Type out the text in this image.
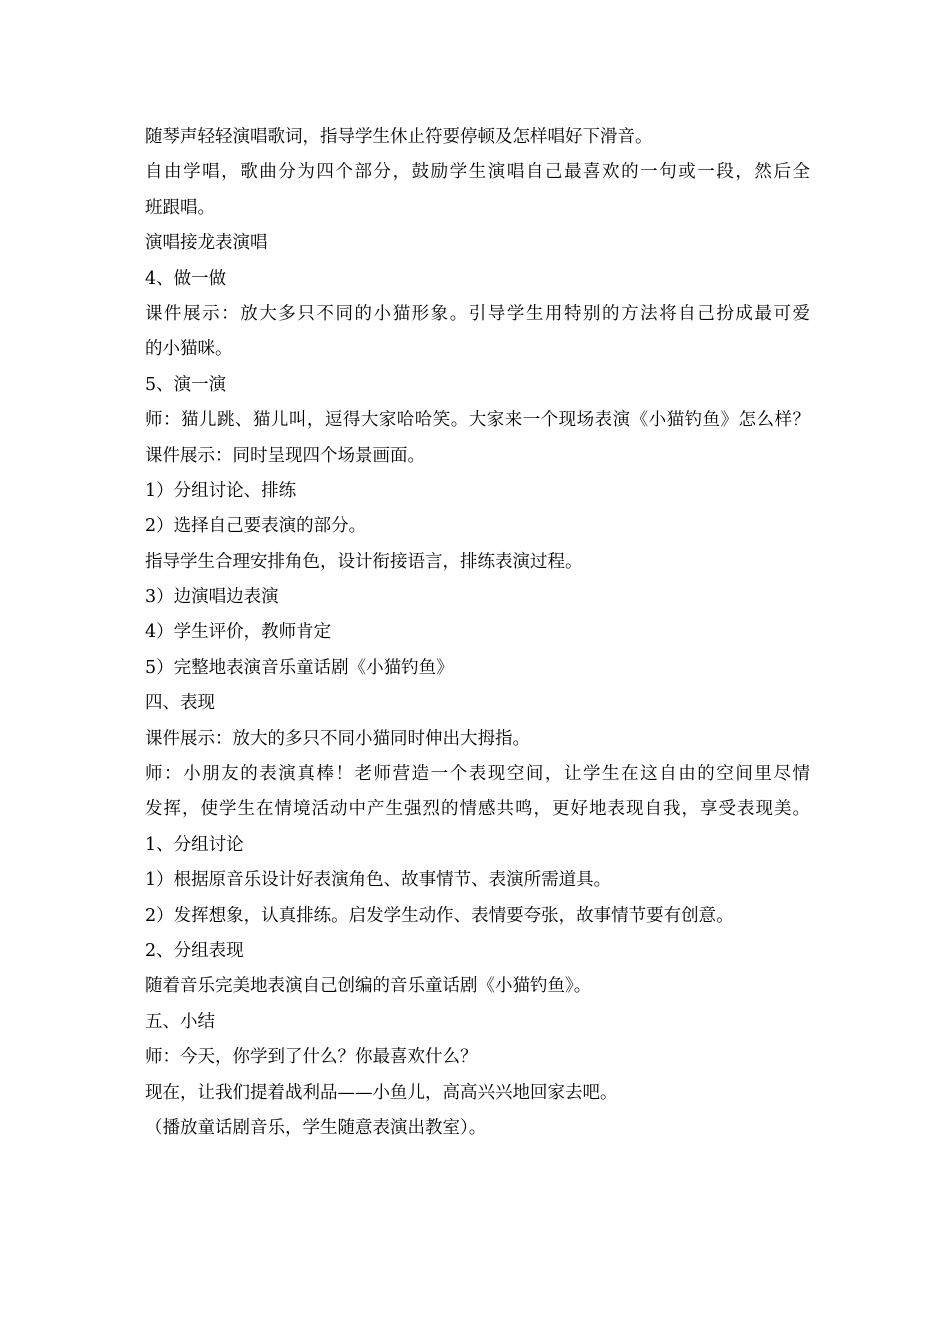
随琴声轻轻演唱歌词，指导学生休止符要停顿及怎样唱好下滑音。
自由学唱，歌曲分为四个部分，鼓励学生演唱自己最喜欢的一句或一段，然后全
班跟唱。
演唱接龙表演唱
4、做一做
课件展示：放大多只不同的小猫形象。引导学生用特别的方法将自己扮成最可爱
的小猫咪。
5、演一演
师：猫儿跳、猫儿叫，逗得大家哈哈笑。大家来一个现场表演《小猫钓鱼》怎么样？
课件展示：同时呈现四个场景画面。
1）分组讨论、排练
2）选择自己要表演的部分。
指导学生合理安排角色，设计衔接语言，排练表演过程。
3）边演唱边表演
4）学生评价，教师肯定
5）完整地表演音乐童话剧《小猫钓鱼》
四、表现
课件展示：放大的多只不同小猫同时伸出大拇指。
师：小朋友的表演真棒！老师营造一个表现空间，让学生在这自由的空间里尽情
发挥，使学生在情境活动中产生强烈的情感共鸣，更好地表现自我，享受表现美。
1、分组讨论
1）根据原音乐设计好表演角色、故事情节、表演所需道具。
2）发挥想象，认真排练。启发学生动作、表情要夸张，故事情节要有创意。
2、分组表现
随着音乐完美地表演自己创编的音乐童话剧《小猫钓鱼》。
五、小结
师：今天，你学到了什么？你最喜欢什么？
现在，让我们提着战利品——小鱼儿，高高兴兴地回家去吧。
（播放童话剧音乐，学生随意表演出教室）。
